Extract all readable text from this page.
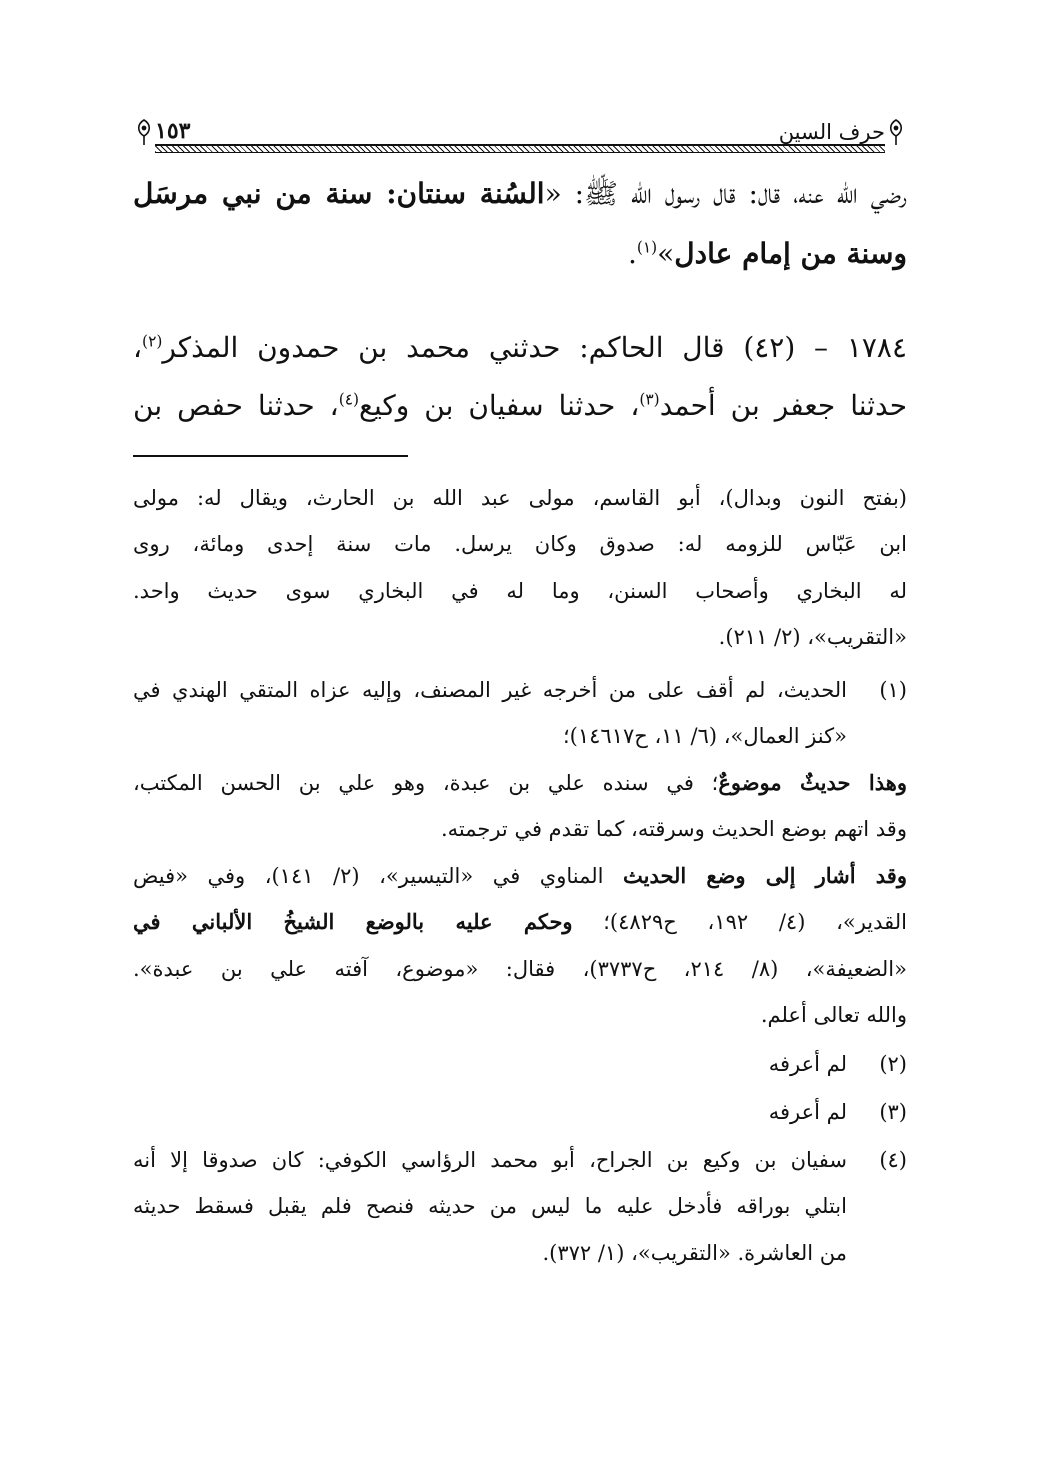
حرف السين
١٥٣
رضي الله عنه، قال: قال رسول الله ﷺ: «السُنة سنتان: سنة من نبي مرسَل
وسنة من إمام عادل»$^{(١)}$.
١٧٨٤ – (٤٢) قال الحاكم: حدثني محمد بن حمدون المذكر$^{(٢)}$،
حدثنا جعفر بن أحمد$^{(٣)}$، حدثنا سفيان بن وكيع$^{(٤)}$، حدثنا حفص بن
(بفتح النون وبدال)، أبو القاسم، مولى عبد الله بن الحارث، ويقال له: مولى
ابن عَبّاس للزومه له: صدوق وكان يرسل. مات سنة إحدى ومائة، روى
له البخاري وأصحاب السنن، وما له في البخاري سوى حديث واحد.
«التقريب»، (٢/ ٢١١).
(١)
الحديث، لم أقف على من أخرجه غير المصنف، وإليه عزاه المتقي الهندي في
«كنز العمال»، (٦/ ١١، ح١٤٦١٧)؛
وهذا حديثٌ موضوعٌ؛ في سنده علي بن عبدة، وهو علي بن الحسن المكتب،
وقد اتهم بوضع الحديث وسرقته، كما تقدم في ترجمته.
وقد أشار إلى وضع الحديث المناوي في «التيسير»، (٢/ ١٤١)، وفي «فيض
القدير»، (٤/ ١٩٢، ح٤٨٢٩)؛ وحكم عليه بالوضع الشيخُ الألباني في
«الضعيفة»، (٨/ ٢١٤، ح٣٧٣٧)، فقال: «موضوع، آفته علي بن عبدة».
والله تعالى أعلم.
(٢)
لم أعرفه
(٣)
لم أعرفه
(٤)
سفيان بن وكيع بن الجراح، أبو محمد الرؤاسي الكوفي: كان صدوقا إلا أنه
ابتلي بوراقه فأدخل عليه ما ليس من حديثه فنصح فلم يقبل فسقط حديثه
من العاشرة. «التقريب»، (١/ ٣٧٢).
